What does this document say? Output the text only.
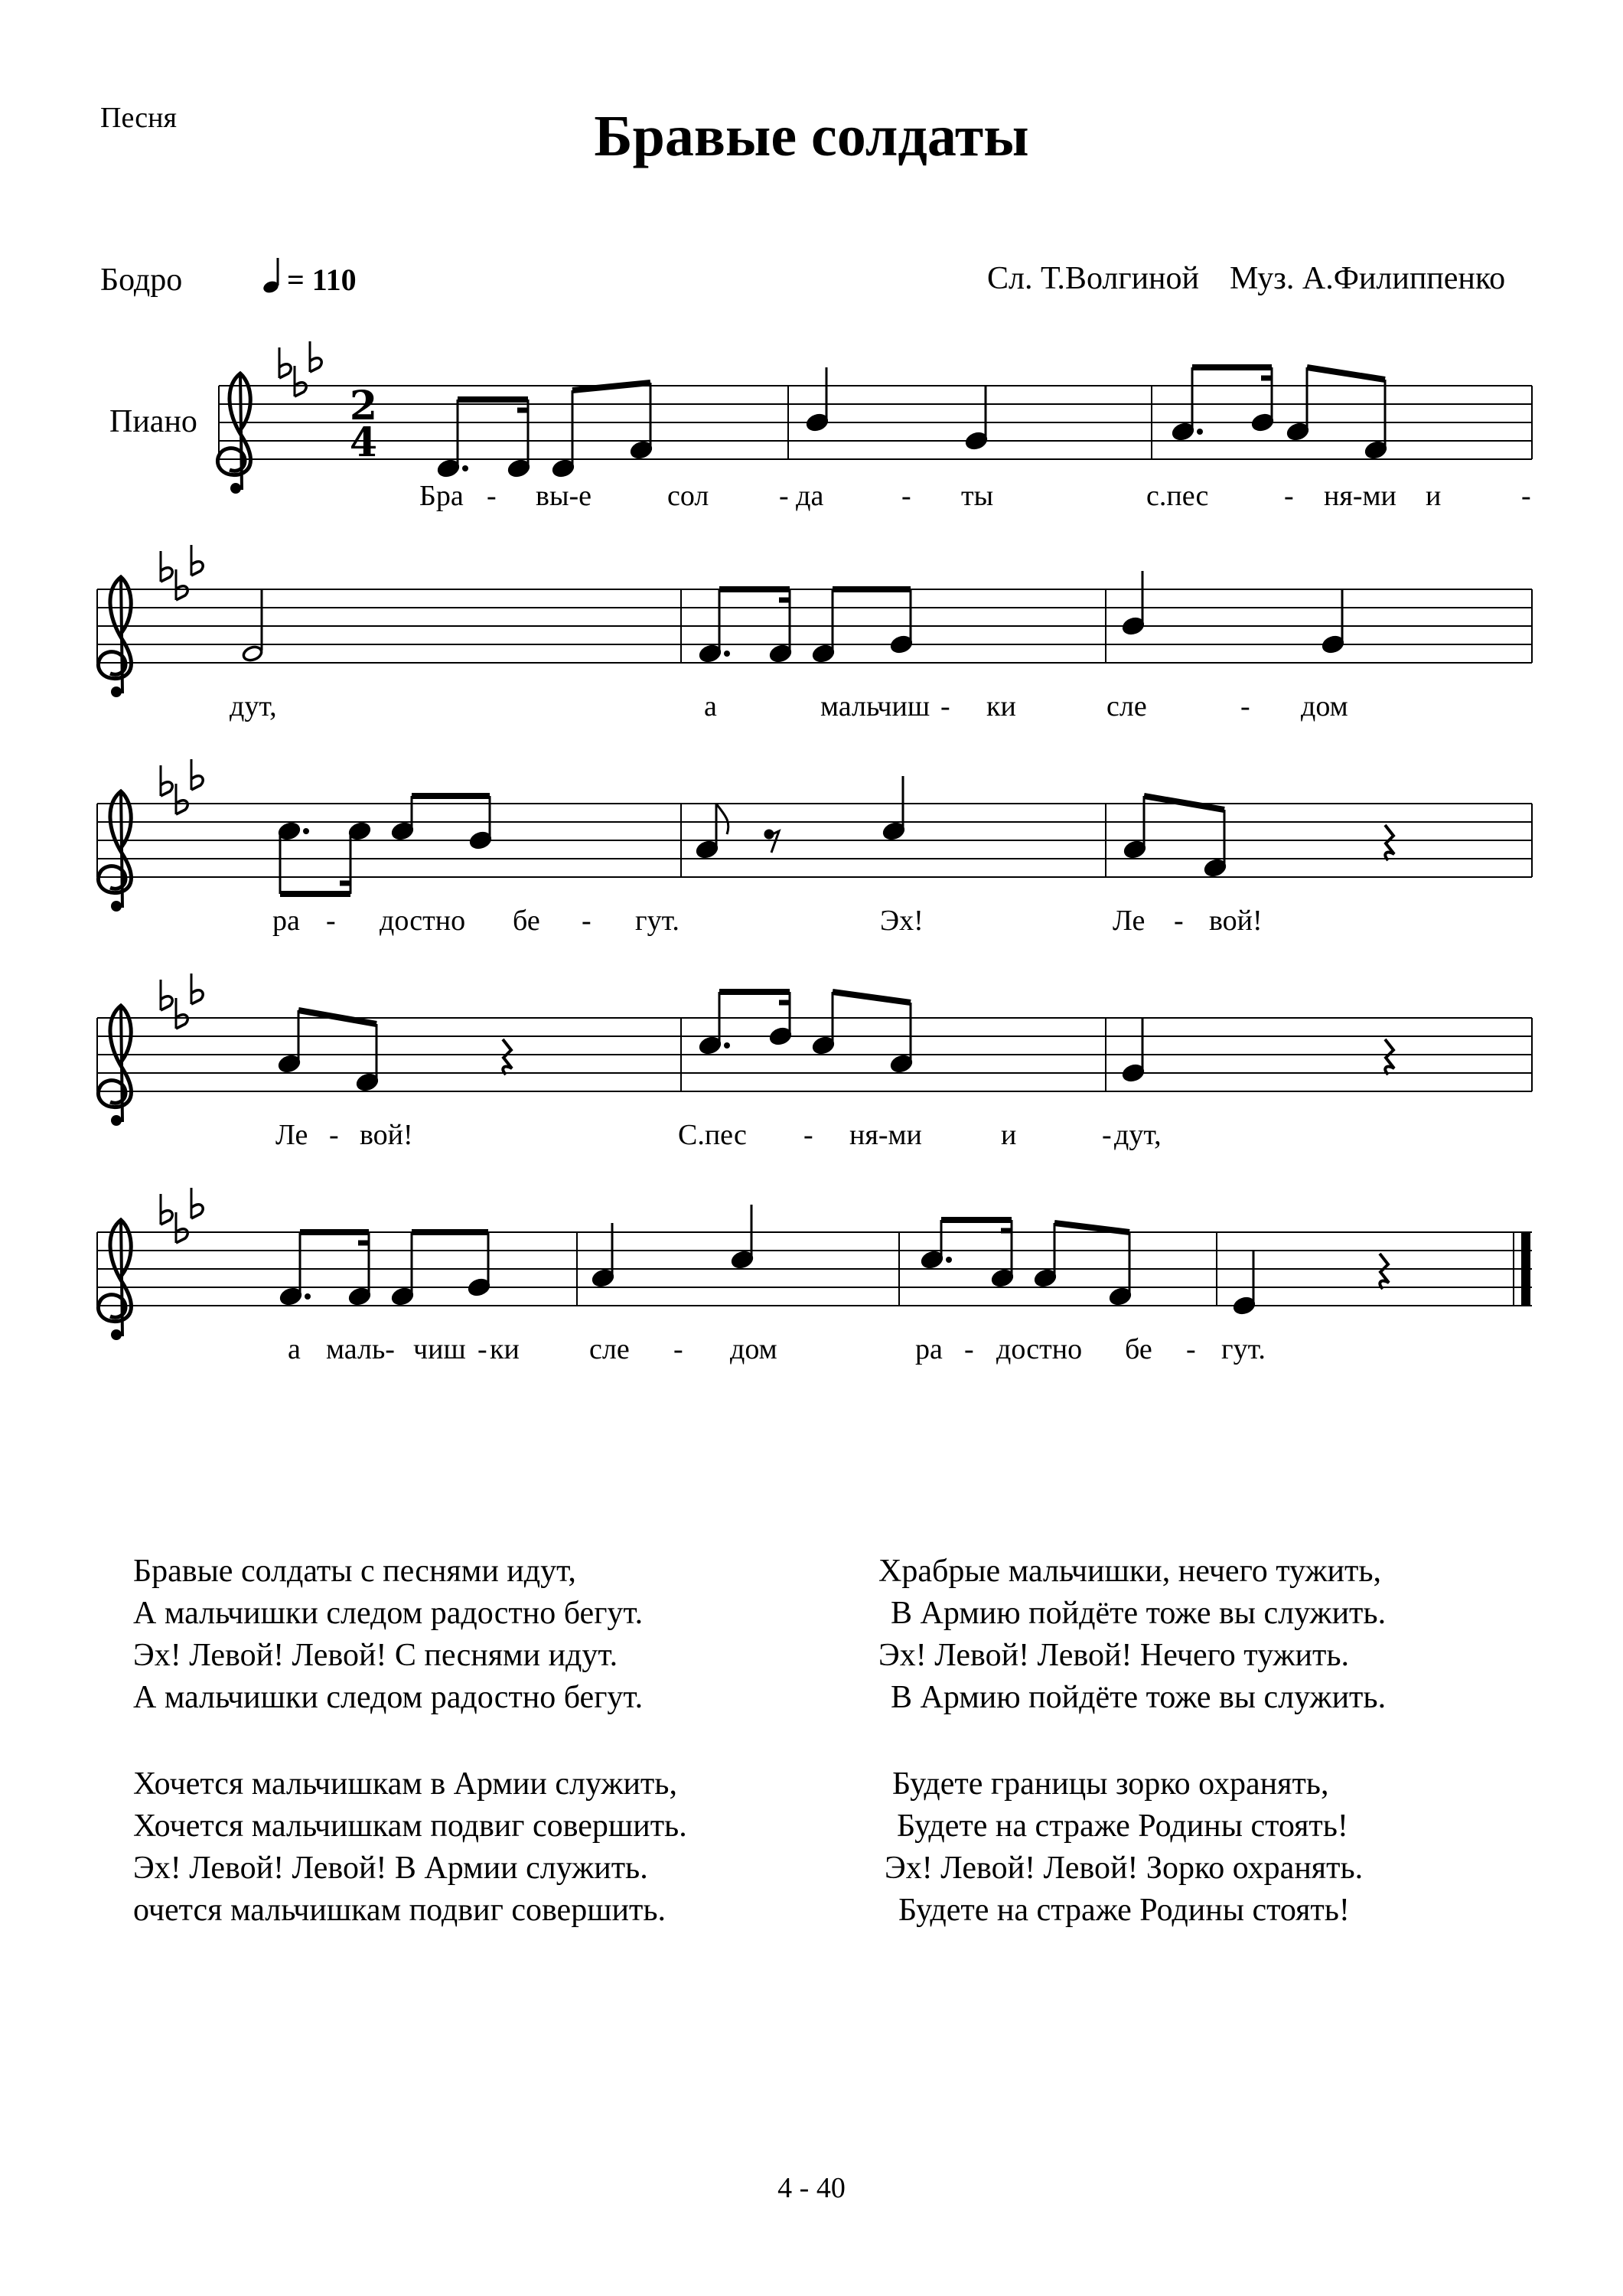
Песня	Бравые солдаты
Бодро	= 110	Сл. Т.Волгиной Муз. А.Филиппенко
Пиано	2
4
Бра - вы-е	сол - да	- ты	с.пес	- ня-ми и	-
дут,	а	мальчиш - ки	сле	- дом
ра - достно бе - гут.	Эх!	Ле - вой!
Ле - вой!	С.пес - ня-ми	и	- дут,
а маль- чиш - ки сле - дом	ра - достно бе - гут.
Бравые солдаты с песнями идут,
А мальчишки следом радостно бегут.
Эх! Левой! Левой! С песнями идут.
А мальчишки следом радостно бегут.
Храбрые мальчишки, нечего тужить,
В Армию пойдёте тоже вы служить.
Эх! Левой! Левой! Нечего тужить.
В Армию пойдёте тоже вы служить.
Хочется мальчишкам в Армии служить,
Хочется мальчишкам подвиг совершить.
Эх! Левой! Левой! В Армии служить.
очется мальчишкам подвиг совершить.
Будете границы зорко охранять,
Будете на страже Родины стоять!
Эх! Левой! Левой! Зорко охранять.
Будете на страже Родины стоять!
4 - 40
